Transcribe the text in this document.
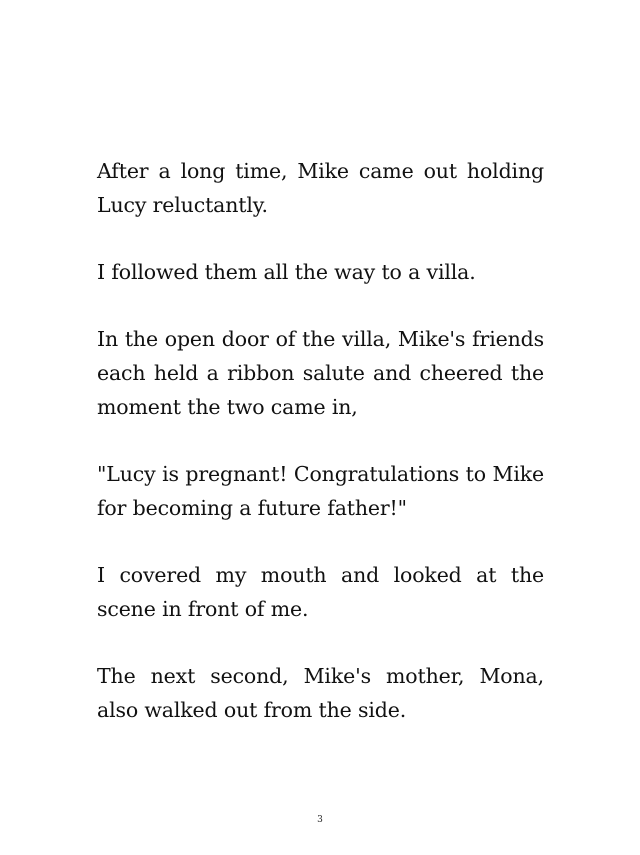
After a long time, Mike came out holding Lucy reluctantly.

I followed them all the way to a villa.

In the open door of the villa, Mike's friends each held a ribbon salute and cheered the moment the two came in,

"Lucy is pregnant! Congratulations to Mike for becoming a future father!"

I covered my mouth and looked at the scene in front of me.

The next second, Mike's mother, Mona, also walked out from the side.

3
